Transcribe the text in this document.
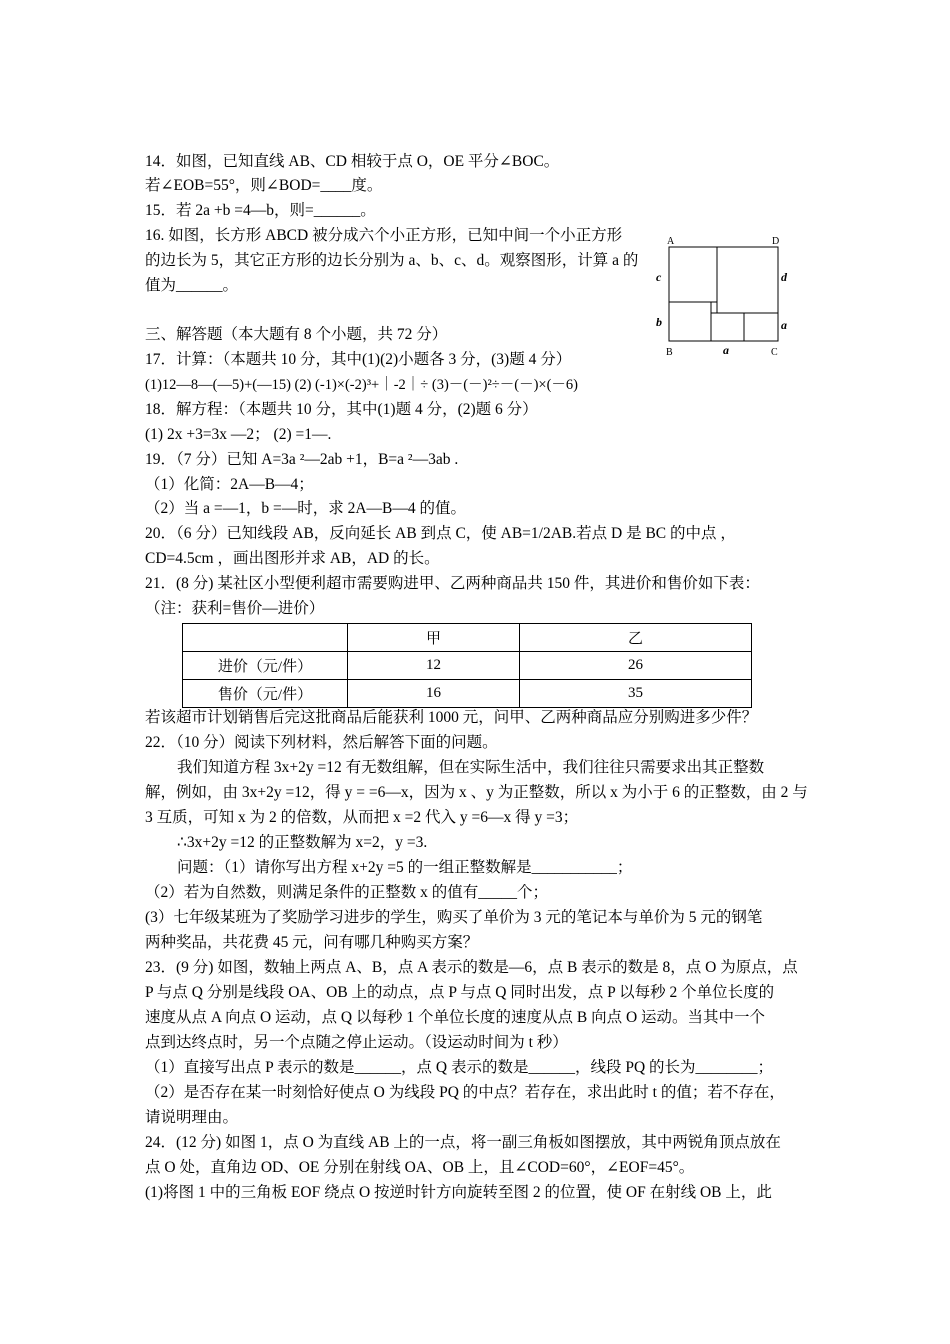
14．如图，已知直线 AB、CD 相较于点 O，OE 平分∠BOC。
若∠EOB=55°，则∠BOD=____度。
15．若 2a +b =4—b，则=______。
16. 如图，长方形 ABCD 被分成六个小正方形，已知中间一个小正方形
的边长为 5，其它正方形的边长分别为 a、b、c、d。观察图形，计算 a 的
值为______。
A	D
B	C
c	d
b	a
a
三、解答题（本大题有 8 个小题，共 72 分）
17．计算：（本题共 10 分，其中(1)(2)小题各 3 分，(3)题 4 分）
(1)12—8—(—5)+(—15) (2) (-1)×(-2)³+｜-2｜÷ (3)－(－)²÷－(－)×(－6)
18．解方程：（本题共 10 分，其中(1)题 4 分，(2)题 6 分）
(1) 2x +3=3x —2； (2) =1—.
19．（7 分）已知 A=3a ²—2ab +1，B=a ²—3ab .
（1）化简：2A—B—4；
（2）当 a =—1，b =—时，求 2A—B—4 的值。
20．（6 分）已知线段 AB，反向延长 AB 到点 C，使 AB=1/2AB.若点 D 是 BC 的中点 ，
CD=4.5cm ，画出图形并求 AB，AD 的长。
21．(8 分) 某社区小型便利超市需要购进甲、乙两种商品共 150 件，其进价和售价如下表：
（注：获利=售价—进价）
	甲	乙
进价（元/件）	12	26
售价（元/件）	16	35
若该超市计划销售后完这批商品后能获利 1000 元，问甲、乙两种商品应分别购进多少件？
22．（10 分）阅读下列材料，然后解答下面的问题。
我们知道方程 3x+2y =12 有无数组解，但在实际生活中，我们往往只需要求出其正整数
解，例如，由 3x+2y =12，得 y = =6—x，因为 x 、y 为正整数，所以 x 为小于 6 的正整数，由 2 与
3 互质，可知 x 为 2 的倍数，从而把 x =2 代入 y =6—x 得 y =3；
∴3x+2y =12 的正整数解为 x=2，y =3.
问题：（1）请你写出方程 x+2y =5 的一组正整数解是___________；
（2）若为自然数，则满足条件的正整数 x 的值有_____个；
(3）七年级某班为了奖励学习进步的学生，购买了单价为 3 元的笔记本与单价为 5 元的钢笔
两种奖品，共花费 45 元，问有哪几种购买方案？
23．(9 分) 如图，数轴上两点 A、B，点 A 表示的数是—6，点 B 表示的数是 8，点 O 为原点，点
P 与点 Q 分别是线段 OA、OB 上的动点，点 P 与点 Q 同时出发，点 P 以每秒 2 个单位长度的
速度从点 A 向点 O 运动，点 Q 以每秒 1 个单位长度的速度从点 B 向点 O 运动。当其中一个
点到达终点时，另一个点随之停止运动。（设运动时间为 t 秒）
（1）直接写出点 P 表示的数是______，点 Q 表示的数是______，线段 PQ 的长为________；
（2）是否存在某一时刻恰好使点 O 为线段 PQ 的中点？若存在，求出此时 t 的值；若不存在，
请说明理由。
24．(12 分) 如图 1，点 O 为直线 AB 上的一点，将一副三角板如图摆放，其中两锐角顶点放在
点 O 处，直角边 OD、OE 分别在射线 OA、OB 上，且∠COD=60°，∠EOF=45°。
(1)将图 1 中的三角板 EOF 绕点 O 按逆时针方向旋转至图 2 的位置，使 OF 在射线 OB 上，此
